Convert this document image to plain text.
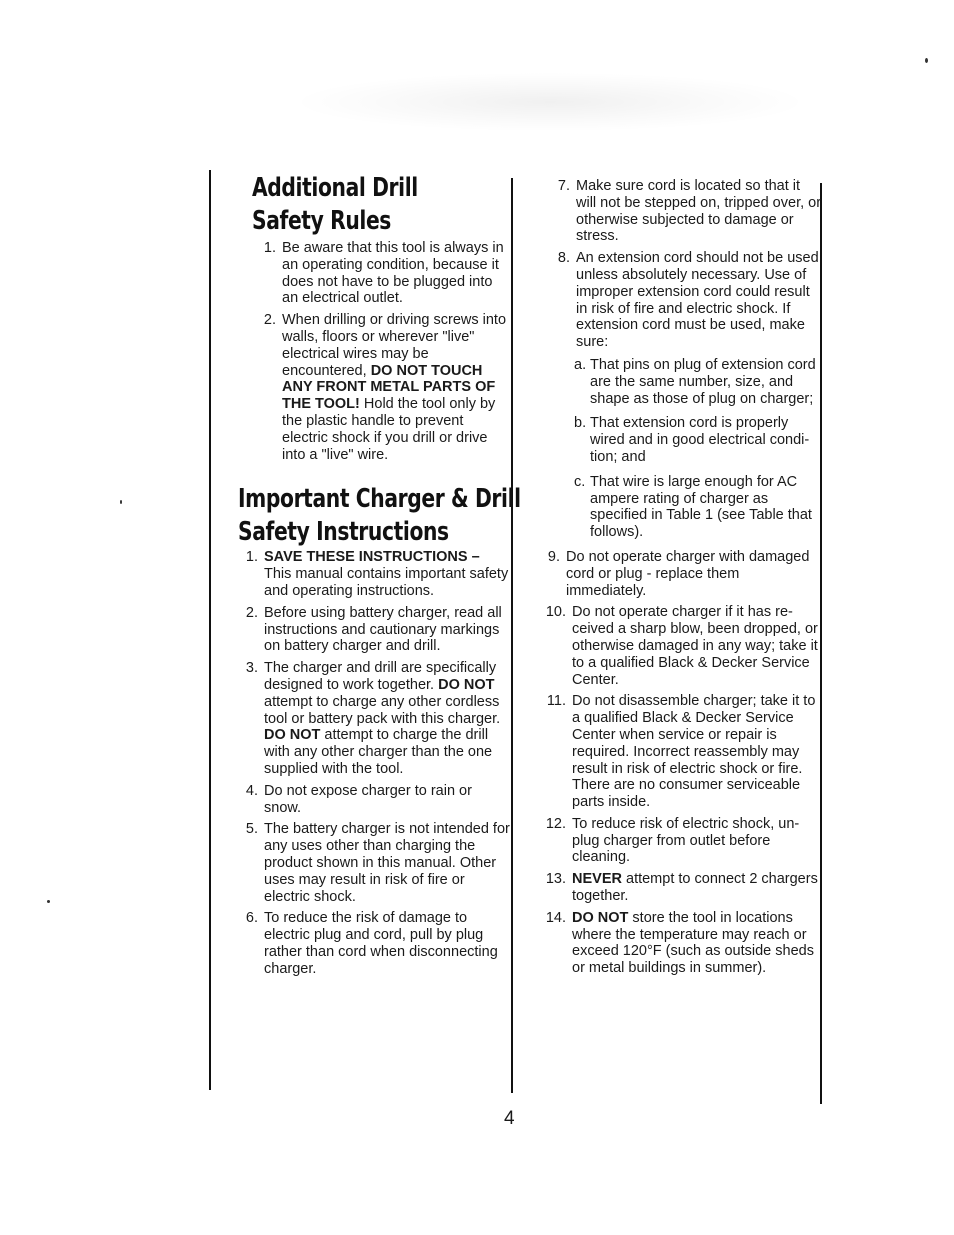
Additional Drill
Safety Rules
1. Be aware that this tool is always in an operating condition, because it does not have to be plugged into an electrical outlet.
2. When drilling or driving screws into walls, floors or wherever "live" electrical wires may be encountered, DO NOT TOUCH ANY FRONT METAL PARTS OF THE TOOL! Hold the tool only by the plastic handle to prevent electric shock if you drill or drive into a "live" wire.
Important Charger & Drill
Safety Instructions
1. SAVE THESE INSTRUCTIONS – This manual contains important safety and operating instructions.
2. Before using battery charger, read all instructions and cautionary markings on battery charger and drill.
3. The charger and drill are specifically designed to work together. DO NOT attempt to charge any other cordless tool or battery pack with this charger. DO NOT attempt to charge the drill with any other charger than the one supplied with the tool.
4. Do not expose charger to rain or snow.
5. The battery charger is not intended for any uses other than charging the product shown in this manual. Other uses may result in risk of fire or electric shock.
6. To reduce the risk of damage to electric plug and cord, pull by plug rather than cord when disconnecting charger.
7. Make sure cord is located so that it will not be stepped on, tripped over, or otherwise subjected to damage or stress.
8. An extension cord should not be used unless absolutely necessary. Use of improper extension cord could result in risk of fire and electric shock. If extension cord must be used, make sure:
a. That pins on plug of extension cord are the same number, size, and shape as those of plug on charger;
b. That extension cord is properly wired and in good electrical condi-tion; and
c. That wire is large enough for AC ampere rating of charger as specified in Table 1 (see Table that follows).
9. Do not operate charger with damaged cord or plug - replace them immediately.
10. Do not operate charger if it has re-ceived a sharp blow, been dropped, or otherwise damaged in any way; take it to a qualified Black & Decker Service Center.
11. Do not disassemble charger; take it to a qualified Black & Decker Service Center when service or repair is required. Incorrect reassembly may result in risk of electric shock or fire. There are no consumer serviceable parts inside.
12. To reduce risk of electric shock, un-plug charger from outlet before cleaning.
13. NEVER attempt to connect 2 chargers together.
14. DO NOT store the tool in locations where the temperature may reach or exceed 120°F (such as outside sheds or metal buildings in summer).
4
